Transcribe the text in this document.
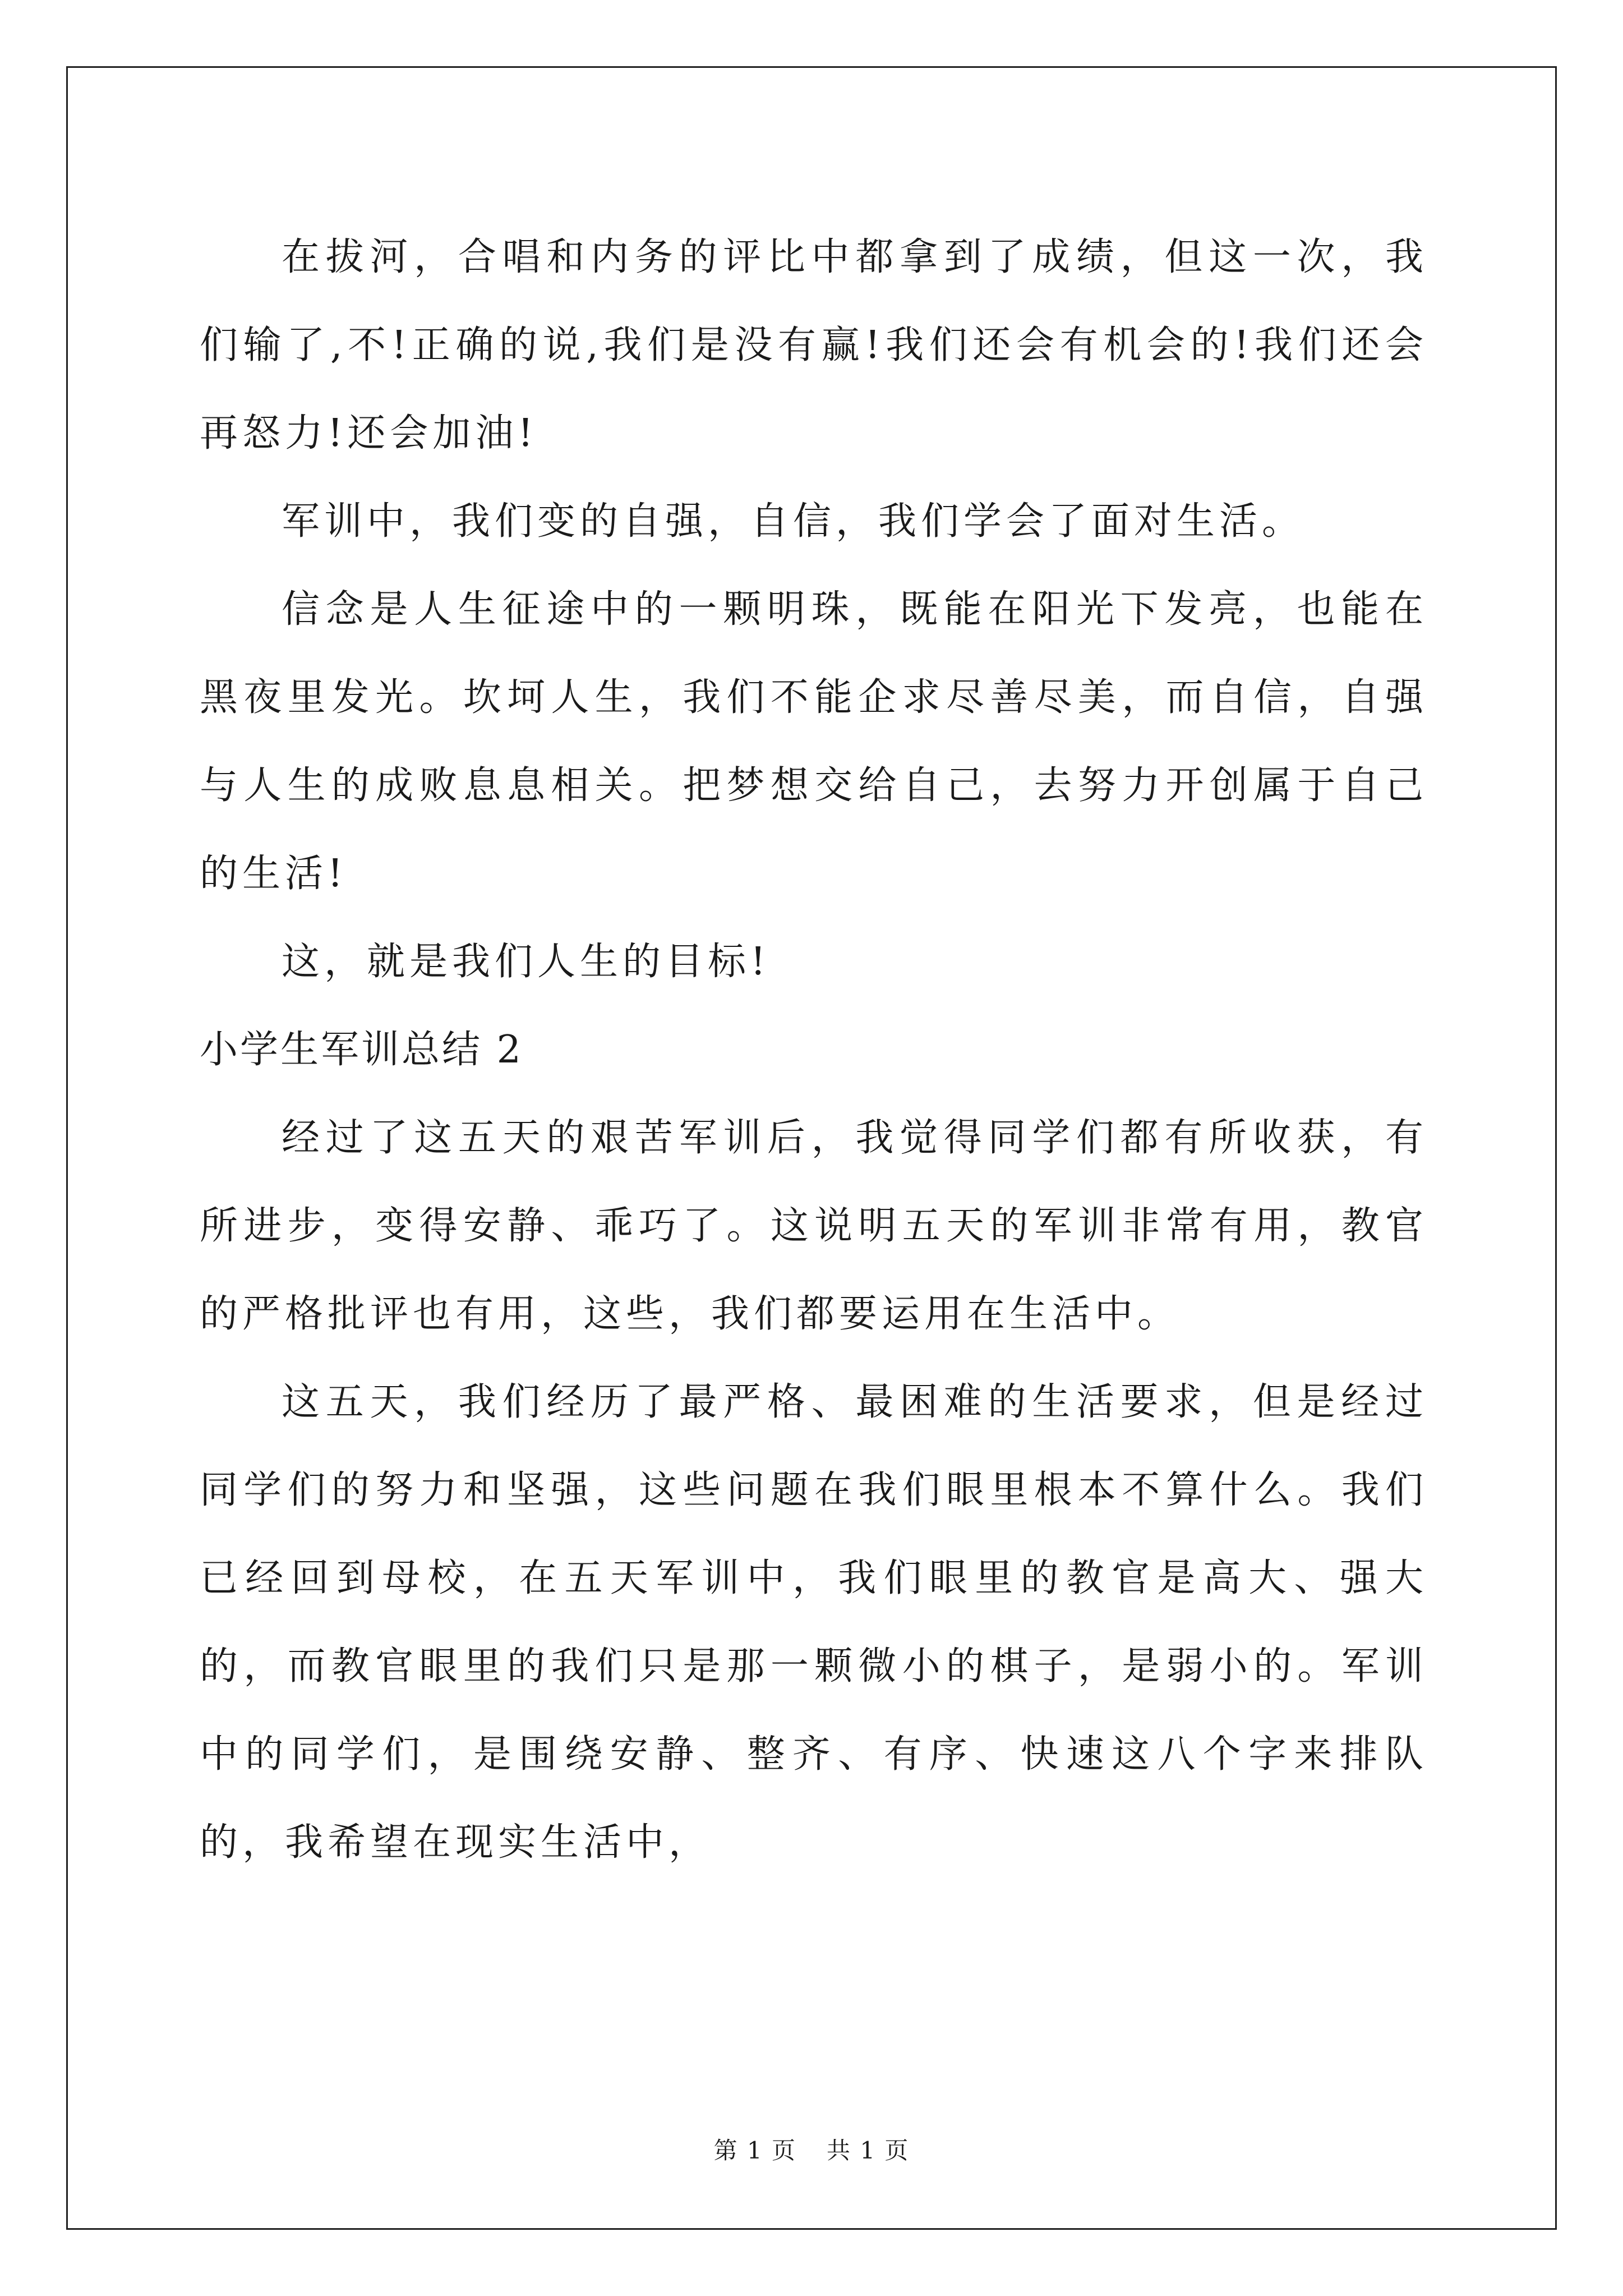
在拔河，合唱和内务的评比中都拿到了成绩，但这一次，我们输了,不!正确的说,我们是没有赢!我们还会有机会的!我们还会再怒力!还会加油!

军训中，我们变的自强，自信，我们学会了面对生活。

信念是人生征途中的一颗明珠，既能在阳光下发亮，也能在黑夜里发光。坎坷人生，我们不能企求尽善尽美，而自信，自强与人生的成败息息相关。把梦想交给自己，去努力开创属于自己的生活!

这，就是我们人生的目标!

小学生军训总结 2

经过了这五天的艰苦军训后，我觉得同学们都有所收获，有所进步，变得安静、乖巧了。这说明五天的军训非常有用，教官的严格批评也有用，这些，我们都要运用在生活中。

这五天，我们经历了最严格、最困难的生活要求，但是经过同学们的努力和坚强，这些问题在我们眼里根本不算什么。我们已经回到母校，在五天军训中，我们眼里的教官是高大、强大的，而教官眼里的我们只是那一颗微小的棋子，是弱小的。军训中的同学们，是围绕安静、整齐、有序、快速这八个字来排队的，我希望在现实生活中，

第 1 页 共 1 页
